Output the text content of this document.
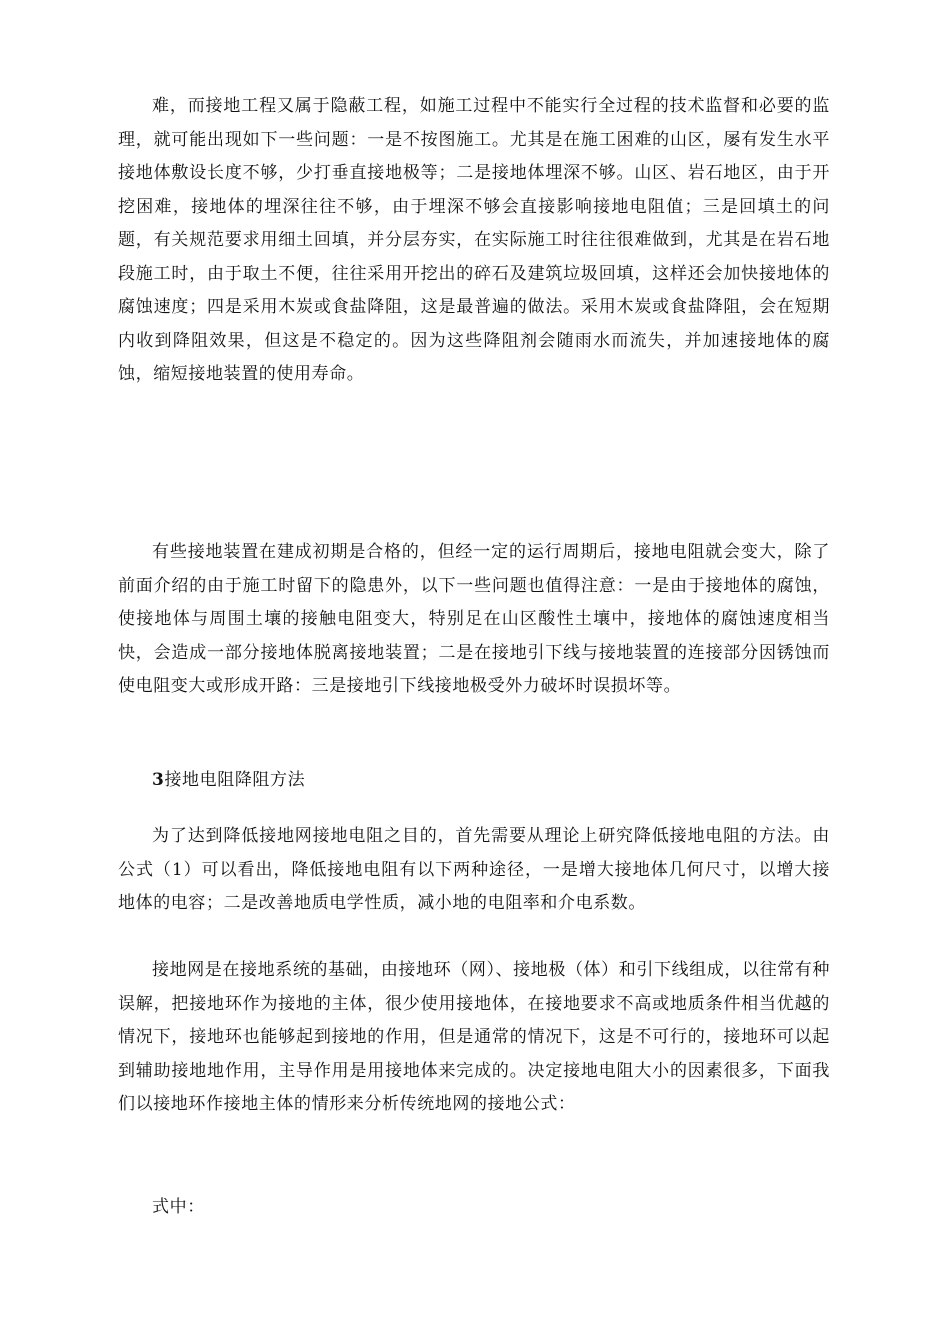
难，而接地工程又属于隐蔽工程，如施工过程中不能实行全过程的技术监督和必要的监理，就可能出现如下一些问题：一是不按图施工。尤其是在施工困难的山区，屡有发生水平接地体敷设长度不够，少打垂直接地极等；二是接地体埋深不够。山区、岩石地区，由于开挖困难，接地体的埋深往往不够，由于埋深不够会直接影响接地电阻值；三是回填土的问题，有关规范要求用细土回填，并分层夯实，在实际施工时往往很难做到，尤其是在岩石地段施工时，由于取土不便，往往采用开挖出的碎石及建筑垃圾回填，这样还会加快接地体的腐蚀速度；四是采用木炭或食盐降阻，这是最普遍的做法。采用木炭或食盐降阻，会在短期内收到降阻效果，但这是不稳定的。因为这些降阻剂会随雨水而流失，并加速接地体的腐蚀，缩短接地装置的使用寿命。

有些接地装置在建成初期是合格的，但经一定的运行周期后，接地电阻就会变大，除了前面介绍的由于施工时留下的隐患外，以下一些问题也值得注意：一是由于接地体的腐蚀，使接地体与周围土壤的接触电阻变大，特别足在山区酸性土壤中，接地体的腐蚀速度相当快，会造成一部分接地体脱离接地装置；二是在接地引下线与接地装置的连接部分因锈蚀而使电阻变大或形成开路：三是接地引下线接地极受外力破坏时误损坏等。

3接地电阻降阻方法

为了达到降低接地网接地电阻之目的，首先需要从理论上研究降低接地电阻的方法。由公式（1）可以看出，降低接地电阻有以下两种途径，一是增大接地体几何尺寸，以增大接地体的电容；二是改善地质电学性质，减小地的电阻率和介电系数。

接地网是在接地系统的基础，由接地环（网）、接地极（体）和引下线组成，以往常有种误解，把接地环作为接地的主体，很少使用接地体，在接地要求不高或地质条件相当优越的情况下，接地环也能够起到接地的作用，但是通常的情况下，这是不可行的，接地环可以起到辅助接地地作用，主导作用是用接地体来完成的。决定接地电阻大小的因素很多，下面我们以接地环作接地主体的情形来分析传统地网的接地公式：

式中：
